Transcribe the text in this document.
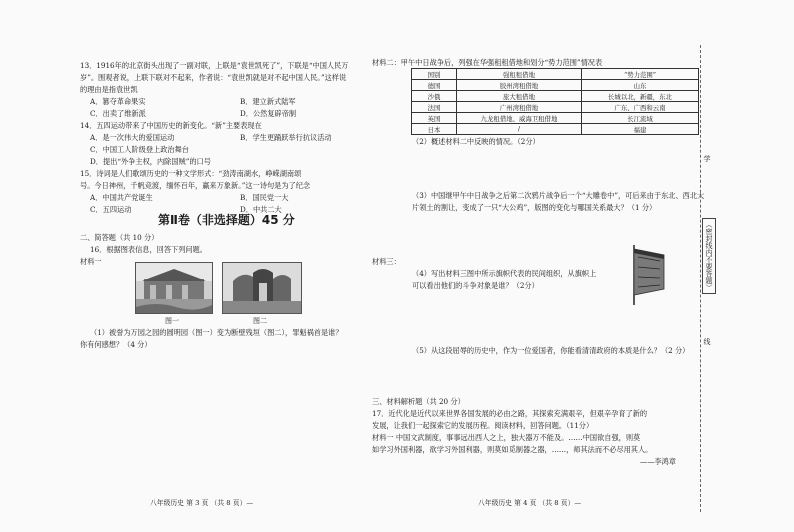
13．1916年的北京街头出现了一副对联，上联是“袁世凯死了”，下联是“中国人民万
岁”。围观者说，上联下联对不起来，作者说：“袁世凯就是对不起中国人民。”这样说
的理由是指袁世凯
A．篡夺革命果实	B．建立新式陆军
C．出卖了维新派	D．公然复辟帝制
14．五四运动带来了中国历史的新变化。“新”主要表现在
A．是一次伟大的爱国运动	B．学生更踊跃举行抗议活动
C．中国工人阶级登上政治舞台
D．提出“外争主权，内除国贼”的口号
15．诗词是人们歌颂历史的一种文学形式：“劲涛南湖水，峥嵘湖南颂
号。今日神州，千帆竞渡，缅怀百年，赢来万象新。”这一诗句是为了纪念
A．中国共产党诞生	B．国民党一大
C．五四运动	D．中共二大
第Ⅱ卷（非选择题）45 分
二、简答题（共 10 分）
16．根据图表信息，回答下列问题。
材料一
图一	图二
（1）被誉为万园之园的圆明园（图一）变为断壁残垣（图二），罪魁祸首是谁？
你有何感想？（4 分）
八年级历史 第 3 页 （共 8 页）—
材料二：甲午中日战争后，列强在华强租租借地和划分“势力范围”情况表
国别	强租租借地	“势力范围”
德国	胶州湾租借地	山东
沙俄	旅大租借地	长城以北，新疆，东北
法国	广州湾租借地	广东、广西和云南
英国	九龙租借地、威海卫租借地	长江流域
日本	/	福建
（2）概述材料二中反映的情况。（2分）
（3）中国继甲午中日战争之后第二次鸦片战争后一个“大雕卷中”，可后来由于东北、西北大
片领土的割让，变成了一只“大公鸡”，版图的变化与哪国关系最大？（1 分）
材料三：
（4）写出材料三图中所示旗帜代表的民间组织，从旗帜上
可以看出他们的斗争对象是谁？（2分）
（5）从这段屈辱的历史中，作为一位爱国者，你能看清清政府的本质是什么？（2 分）
三、材料解析题（共 20 分）
17．近代化是近代以来世界各国发展的必由之路，其探索充满艰辛，但艰辛孕育了新的
发展，让我们一起探索它的发展历程。阅读材料，回答问题。（11分）
材料一 中国文武制度，事事远出西人之上，独大器万不能及。……中国欲自强，则莫
如学习外国利器，欲学习外国利器，则莫如觅制器之器，……，师其法而不必尽用其人。
——李鸿章
八年级历史 第 4 页 （共 8 页）—
学
（密封线内不要答题）
线
